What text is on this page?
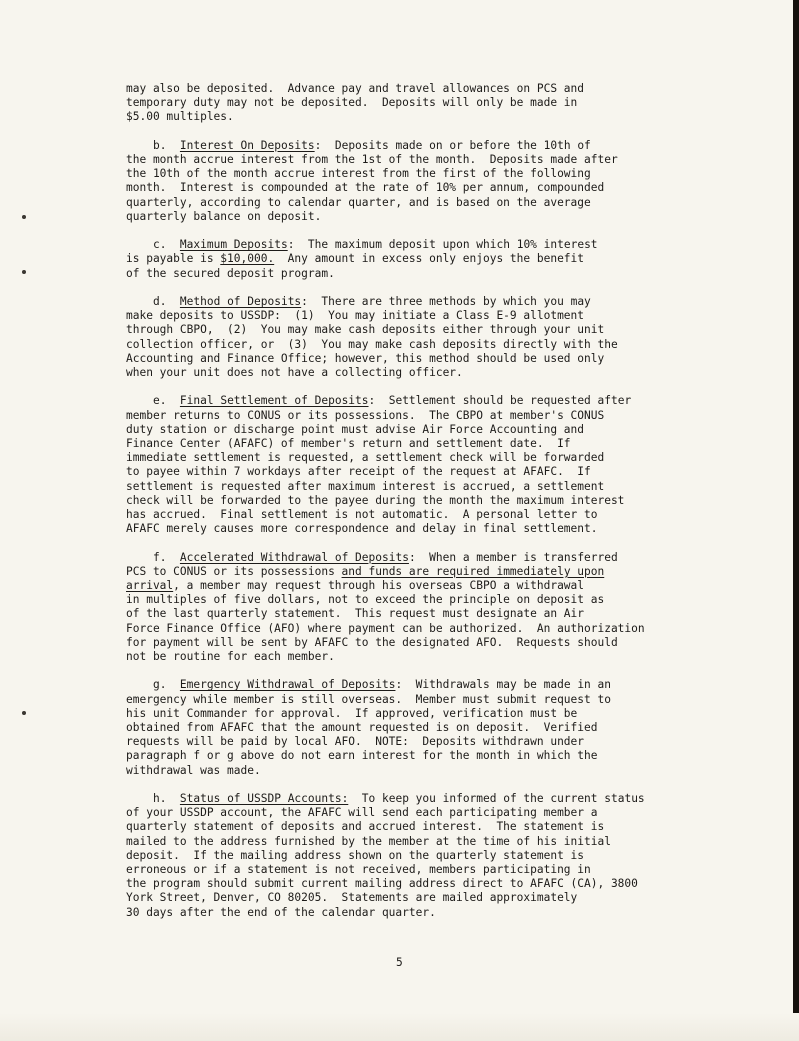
may also be deposited.  Advance pay and travel allowances on PCS and
temporary duty may not be deposited.  Deposits will only be made in
$5.00 multiples.
b. Interest On Deposits:  Deposits made on or before the 10th of
the month accrue interest from the 1st of the month.  Deposits made after
the 10th of the month accrue interest from the first of the following
month.  Interest is compounded at the rate of 10% per annum, compounded
quarterly, according to calendar quarter, and is based on the average
quarterly balance on deposit.
c. Maximum Deposits:  The maximum deposit upon which 10% interest
is payable is $10,000.  Any amount in excess only enjoys the benefit
of the secured deposit program.
d. Method of Deposits:  There are three methods by which you may
make deposits to USSDP:  (1)  You may initiate a Class E-9 allotment
through CBPO,  (2)  You may make cash deposits either through your unit
collection officer, or  (3)  You may make cash deposits directly with the
Accounting and Finance Office; however, this method should be used only
when your unit does not have a collecting officer.
e. Final Settlement of Deposits:  Settlement should be requested after
member returns to CONUS or its possessions.  The CBPO at member's CONUS
duty station or discharge point must advise Air Force Accounting and
Finance Center (AFAFC) of member's return and settlement date.  If
immediate settlement is requested, a settlement check will be forwarded
to payee within 7 workdays after receipt of the request at AFAFC.  If
settlement is requested after maximum interest is accrued, a settlement
check will be forwarded to the payee during the month the maximum interest
has accrued.  Final settlement is not automatic.  A personal letter to
AFAFC merely causes more correspondence and delay in final settlement.
f. Accelerated Withdrawal of Deposits:  When a member is transferred
PCS to CONUS or its possessions and funds are required immediately upon
arrival, a member may request through his overseas CBPO a withdrawal
in multiples of five dollars, not to exceed the principle on deposit as
of the last quarterly statement.  This request must designate an Air
Force Finance Office (AFO) where payment can be authorized.  An authorization
for payment will be sent by AFAFC to the designated AFO.  Requests should
not be routine for each member.
g. Emergency Withdrawal of Deposits:  Withdrawals may be made in an
emergency while member is still overseas.  Member must submit request to
his unit Commander for approval.  If approved, verification must be
obtained from AFAFC that the amount requested is on deposit.  Verified
requests will be paid by local AFO.  NOTE:  Deposits withdrawn under
paragraph f or g above do not earn interest for the month in which the
withdrawal was made.
h. Status of USSDP Accounts:  To keep you informed of the current status
of your USSDP account, the AFAFC will send each participating member a
quarterly statement of deposits and accrued interest.  The statement is
mailed to the address furnished by the member at the time of his initial
deposit.  If the mailing address shown on the quarterly statement is
erroneous or if a statement is not received, members participating in
the program should submit current mailing address direct to AFAFC (CA), 3800
York Street, Denver, CO 80205.  Statements are mailed approximately
30 days after the end of the calendar quarter.
5
